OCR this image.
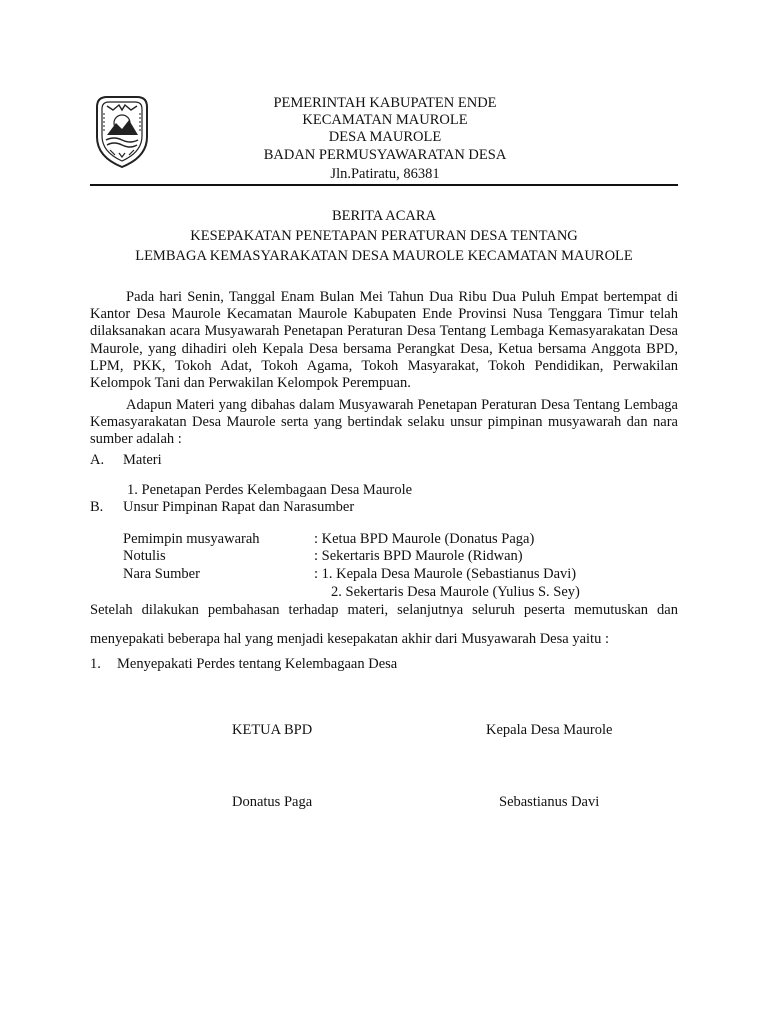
PEMERINTAH KABUPATEN ENDE
KECAMATAN MAUROLE
DESA MAUROLE
BADAN PERMUSYAWARATAN DESA
Jln.Patiratu, 86381
BERITA ACARA
KESEPAKATAN PENETAPAN PERATURAN DESA TENTANG
LEMBAGA KEMASYARAKATAN DESA MAUROLE KECAMATAN MAUROLE
Pada hari Senin, Tanggal Enam Bulan Mei Tahun Dua Ribu Dua Puluh Empat bertempat di Kantor Desa Maurole Kecamatan Maurole Kabupaten Ende Provinsi Nusa Tenggara Timur telah dilaksanakan acara Musyawarah Penetapan Peraturan Desa Tentang Lembaga Kemasyarakatan Desa Maurole, yang dihadiri oleh Kepala Desa bersama Perangkat Desa, Ketua bersama Anggota BPD, LPM, PKK, Tokoh Adat, Tokoh Agama, Tokoh Masyarakat, Tokoh Pendidikan, Perwakilan Kelompok Tani dan Perwakilan Kelompok Perempuan.
Adapun Materi yang dibahas dalam Musyawarah Penetapan Peraturan Desa Tentang Lembaga Kemasyarakatan Desa Maurole serta yang bertindak selaku unsur pimpinan musyawarah dan nara sumber adalah :
A. Materi
1. Penetapan Perdes Kelembagaan Desa Maurole
B. Unsur Pimpinan Rapat dan Narasumber
Pemimpin musyawarah	: Ketua BPD Maurole (Donatus Paga)
Notulis	: Sekertaris BPD Maurole (Ridwan)
Nara Sumber	: 1. Kepala Desa Maurole (Sebastianus Davi)
2. Sekertaris Desa Maurole (Yulius S. Sey)
Setelah dilakukan pembahasan terhadap materi, selanjutnya seluruh peserta memutuskan dan
menyepakati beberapa hal yang menjadi kesepakatan akhir dari Musyawarah Desa yaitu :
1. Menyepakati Perdes tentang Kelembagaan Desa
KETUA BPD	Kepala Desa Maurole
Donatus Paga	Sebastianus Davi
